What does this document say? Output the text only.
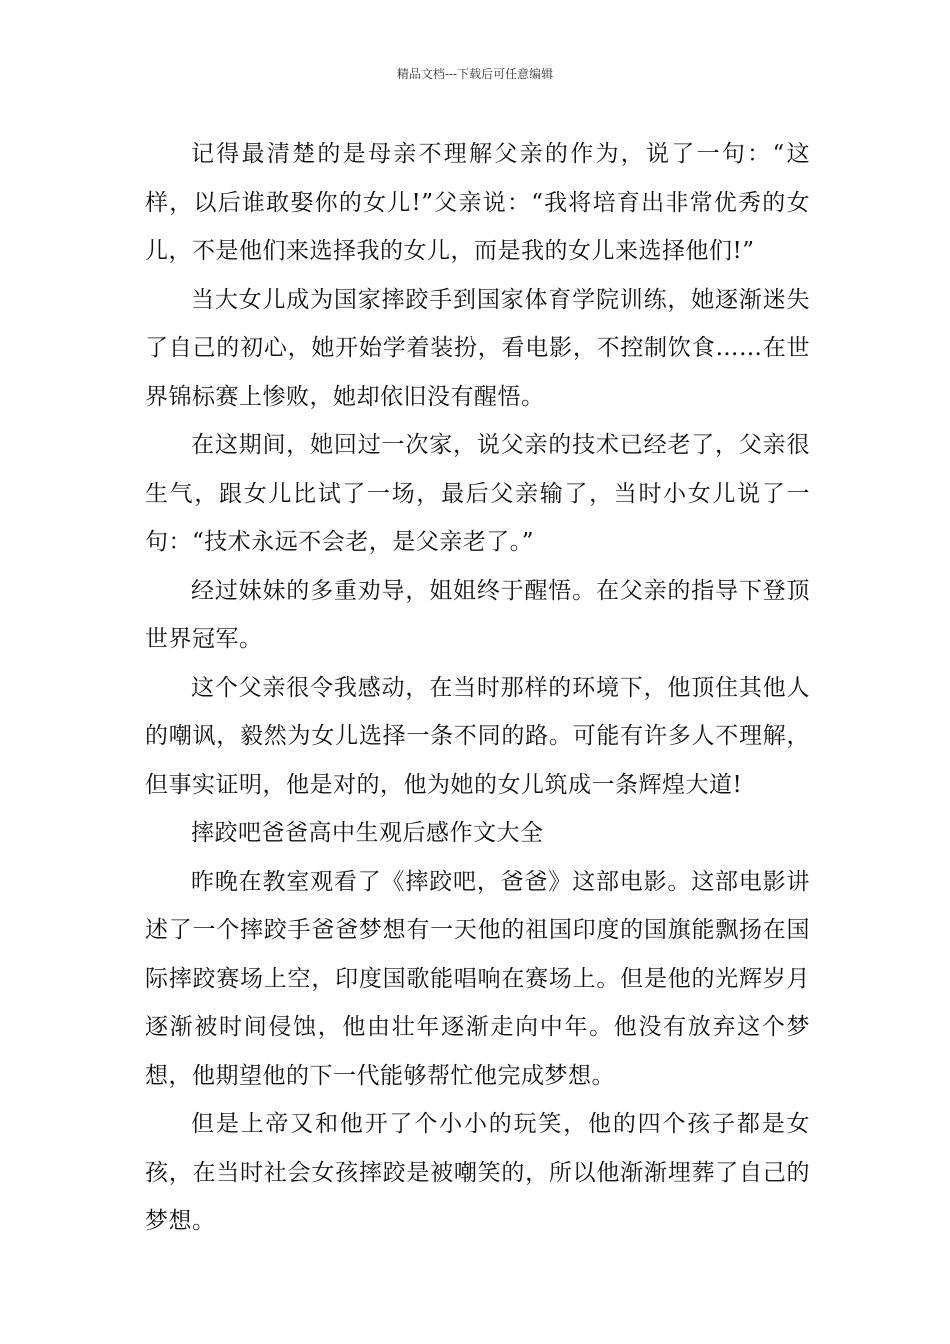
精品文档---下载后可任意编辑

记得最清楚的是母亲不理解父亲的作为，说了一句：“这样，以后谁敢娶你的女儿!”父亲说：“我将培育出非常优秀的女儿，不是他们来选择我的女儿，而是我的女儿来选择他们!”

当大女儿成为国家摔跤手到国家体育学院训练，她逐渐迷失了自己的初心，她开始学着装扮，看电影，不控制饮食……在世界锦标赛上惨败，她却依旧没有醒悟。

在这期间，她回过一次家，说父亲的技术已经老了，父亲很生气，跟女儿比试了一场，最后父亲输了，当时小女儿说了一句：“技术永远不会老，是父亲老了。”

经过妹妹的多重劝导，姐姐终于醒悟。在父亲的指导下登顶世界冠军。

这个父亲很令我感动，在当时那样的环境下，他顶住其他人的嘲讽，毅然为女儿选择一条不同的路。可能有许多人不理解，但事实证明，他是对的，他为她的女儿筑成一条辉煌大道!

摔跤吧爸爸高中生观后感作文大全

昨晚在教室观看了《摔跤吧，爸爸》这部电影。这部电影讲述了一个摔跤手爸爸梦想有一天他的祖国印度的国旗能飘扬在国际摔跤赛场上空，印度国歌能唱响在赛场上。但是他的光辉岁月逐渐被时间侵蚀，他由壮年逐渐走向中年。他没有放弃这个梦想，他期望他的下一代能够帮忙他完成梦想。

但是上帝又和他开了个小小的玩笑，他的四个孩子都是女孩，在当时社会女孩摔跤是被嘲笑的，所以他渐渐埋葬了自己的梦想。
